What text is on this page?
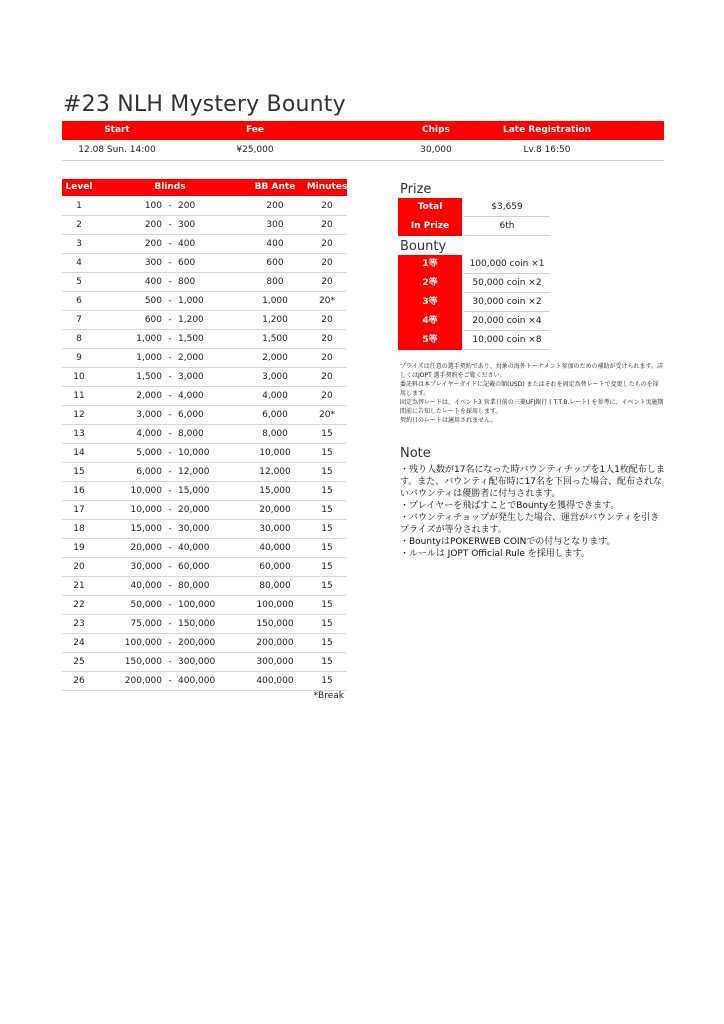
#23 NLH Mystery Bounty
Start	Fee	Chips	Late Registration
12.08 Sun. 14:00	¥25,000	30,000	Lv.8 16:50
Level	Blinds	BB Ante	Minutes
1	100 - 200	200	20
2	200 - 300	300	20
3	200 - 400	400	20
4	300 - 600	600	20
5	400 - 800	800	20
6	500 - 1,000	1,000	20*
7	600 - 1,200	1,200	20
8	1,000 - 1,500	1,500	20
9	1,000 - 2,000	2,000	20
10	1,500 - 3,000	3,000	20
11	2,000 - 4,000	4,000	20
12	3,000 - 6,000	6,000	20*
13	4,000 - 8,000	8,000	15
14	5,000 - 10,000	10,000	15
15	6,000 - 12,000	12,000	15
16	10,000 - 15,000	15,000	15
17	10,000 - 20,000	20,000	15
18	15,000 - 30,000	30,000	15
19	20,000 - 40,000	40,000	15
20	30,000 - 60,000	60,000	15
21	40,000 - 80,000	80,000	15
22	50,000 - 100,000	100,000	15
23	75,000 - 150,000	150,000	15
24	100,000 - 200,000	200,000	15
25	150,000 - 300,000	300,000	15
26	200,000 - 400,000	400,000	15
*Break
Prize
Total	$3,659
In Prize	6th
Bounty
1等	100,000 coin ×1
2等	50,000 coin ×2
3等	30,000 coin ×2
4等	20,000 coin ×4
5等	10,000 coin ×8
プライズは任意の選手契約であり、対象の海外トーナメント参加のための補助が受けられます。詳しくはJOPT 選手契約をご覧ください。
委託料は本プレイヤーガイドに記載の額(USD) またはそれを固定為替レートで変更したものを採用します。
固定為替レートは、イベント3 営業日前の三菱UFJ銀行 ( T.T.B.レート) を参考に、イベント実施期間前に告知したレートを採用します。
契約日のレートは適用されません。
Note
・残り人数が17名になった時バウンティチップを1人1枚配布します。また、バウンティ配布時に17名を下回った場合、配布されないバウンティは優勝者に付与されます。
・プレイヤーを飛ばすことでBountyを獲得できます。
・バウンティチョップが発生した場合、運営がバウンティを引きプライズが等分されます。
・BountyはPOKERWEB COINでの付与となります。
・ルールは JOPT Official Rule を採用します。
